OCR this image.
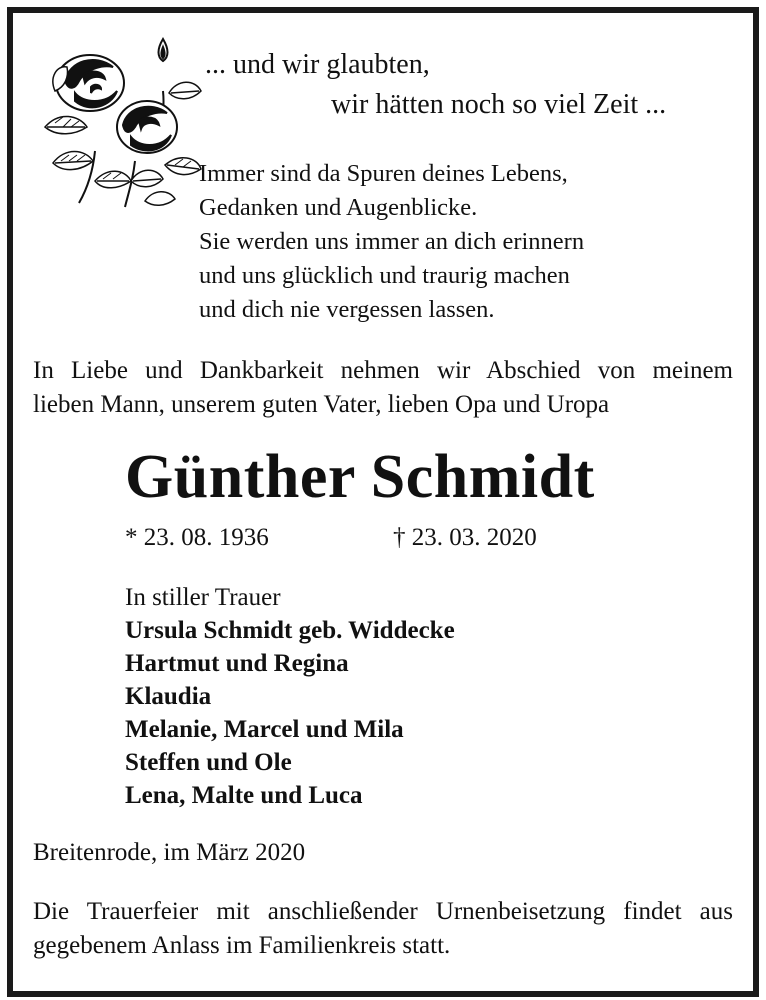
... und wir glaubten,
wir hätten noch so viel Zeit ...
Immer sind da Spuren deines Lebens,
Gedanken und Augenblicke.
Sie werden uns immer an dich erinnern
und uns glücklich und traurig machen
und dich nie vergessen lassen.
In Liebe und Dankbarkeit nehmen wir Abschied von meinem
lieben Mann, unserem guten Vater, lieben Opa und Uropa
Günther Schmidt
* 23. 08. 1936	† 23. 03. 2020
In stiller Trauer
Ursula Schmidt geb. Widdecke
Hartmut und Regina
Klaudia
Melanie, Marcel und Mila
Steffen und Ole
Lena, Malte und Luca
Breitenrode, im März 2020
Die Trauerfeier mit anschließender Urnenbeisetzung findet aus
gegebenem Anlass im Familienkreis statt.
